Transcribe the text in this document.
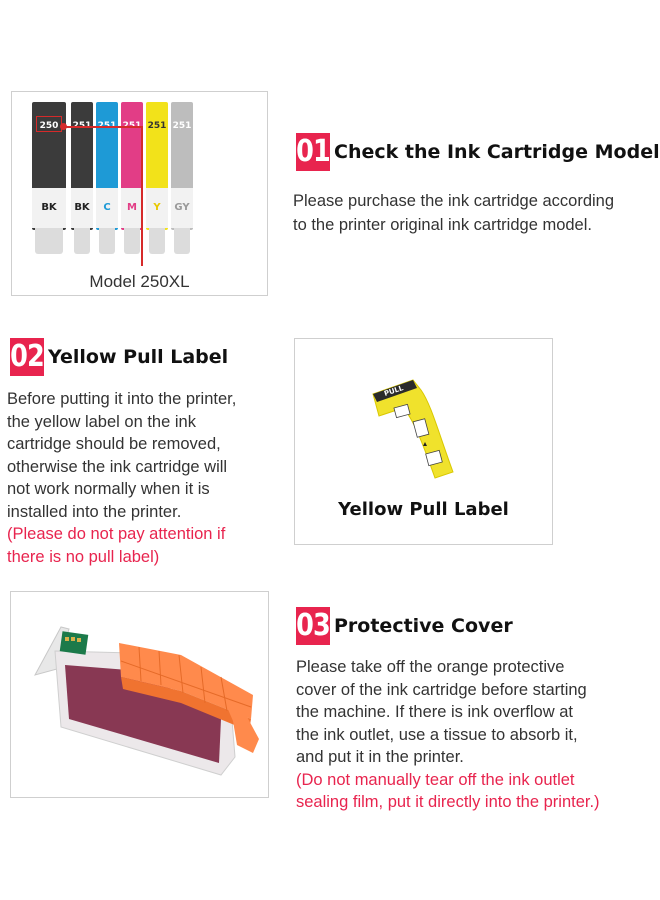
250
BK	BK	C	M
251
Y
251
GY
Model 250XL
01 Check the Ink Cartridge Model
Please purchase the ink cartridge according
to the printer original ink cartridge model.
02 Yellow Pull Label
Before putting it into the printer,
the yellow label on the ink
cartridge should be removed,
otherwise the ink cartridge will
not work normally when it is
installed into the printer.
(Please do not pay attention if
there is no pull label)
PULL
Yellow Pull Label
03 Protective Cover
Please take off the orange protective
cover of the ink cartridge before starting
the machine. If there is ink overflow at
the ink outlet, use a tissue to absorb it,
and put it in the printer.
(Do not manually tear off the ink outlet
sealing film, put it directly into the printer.)
